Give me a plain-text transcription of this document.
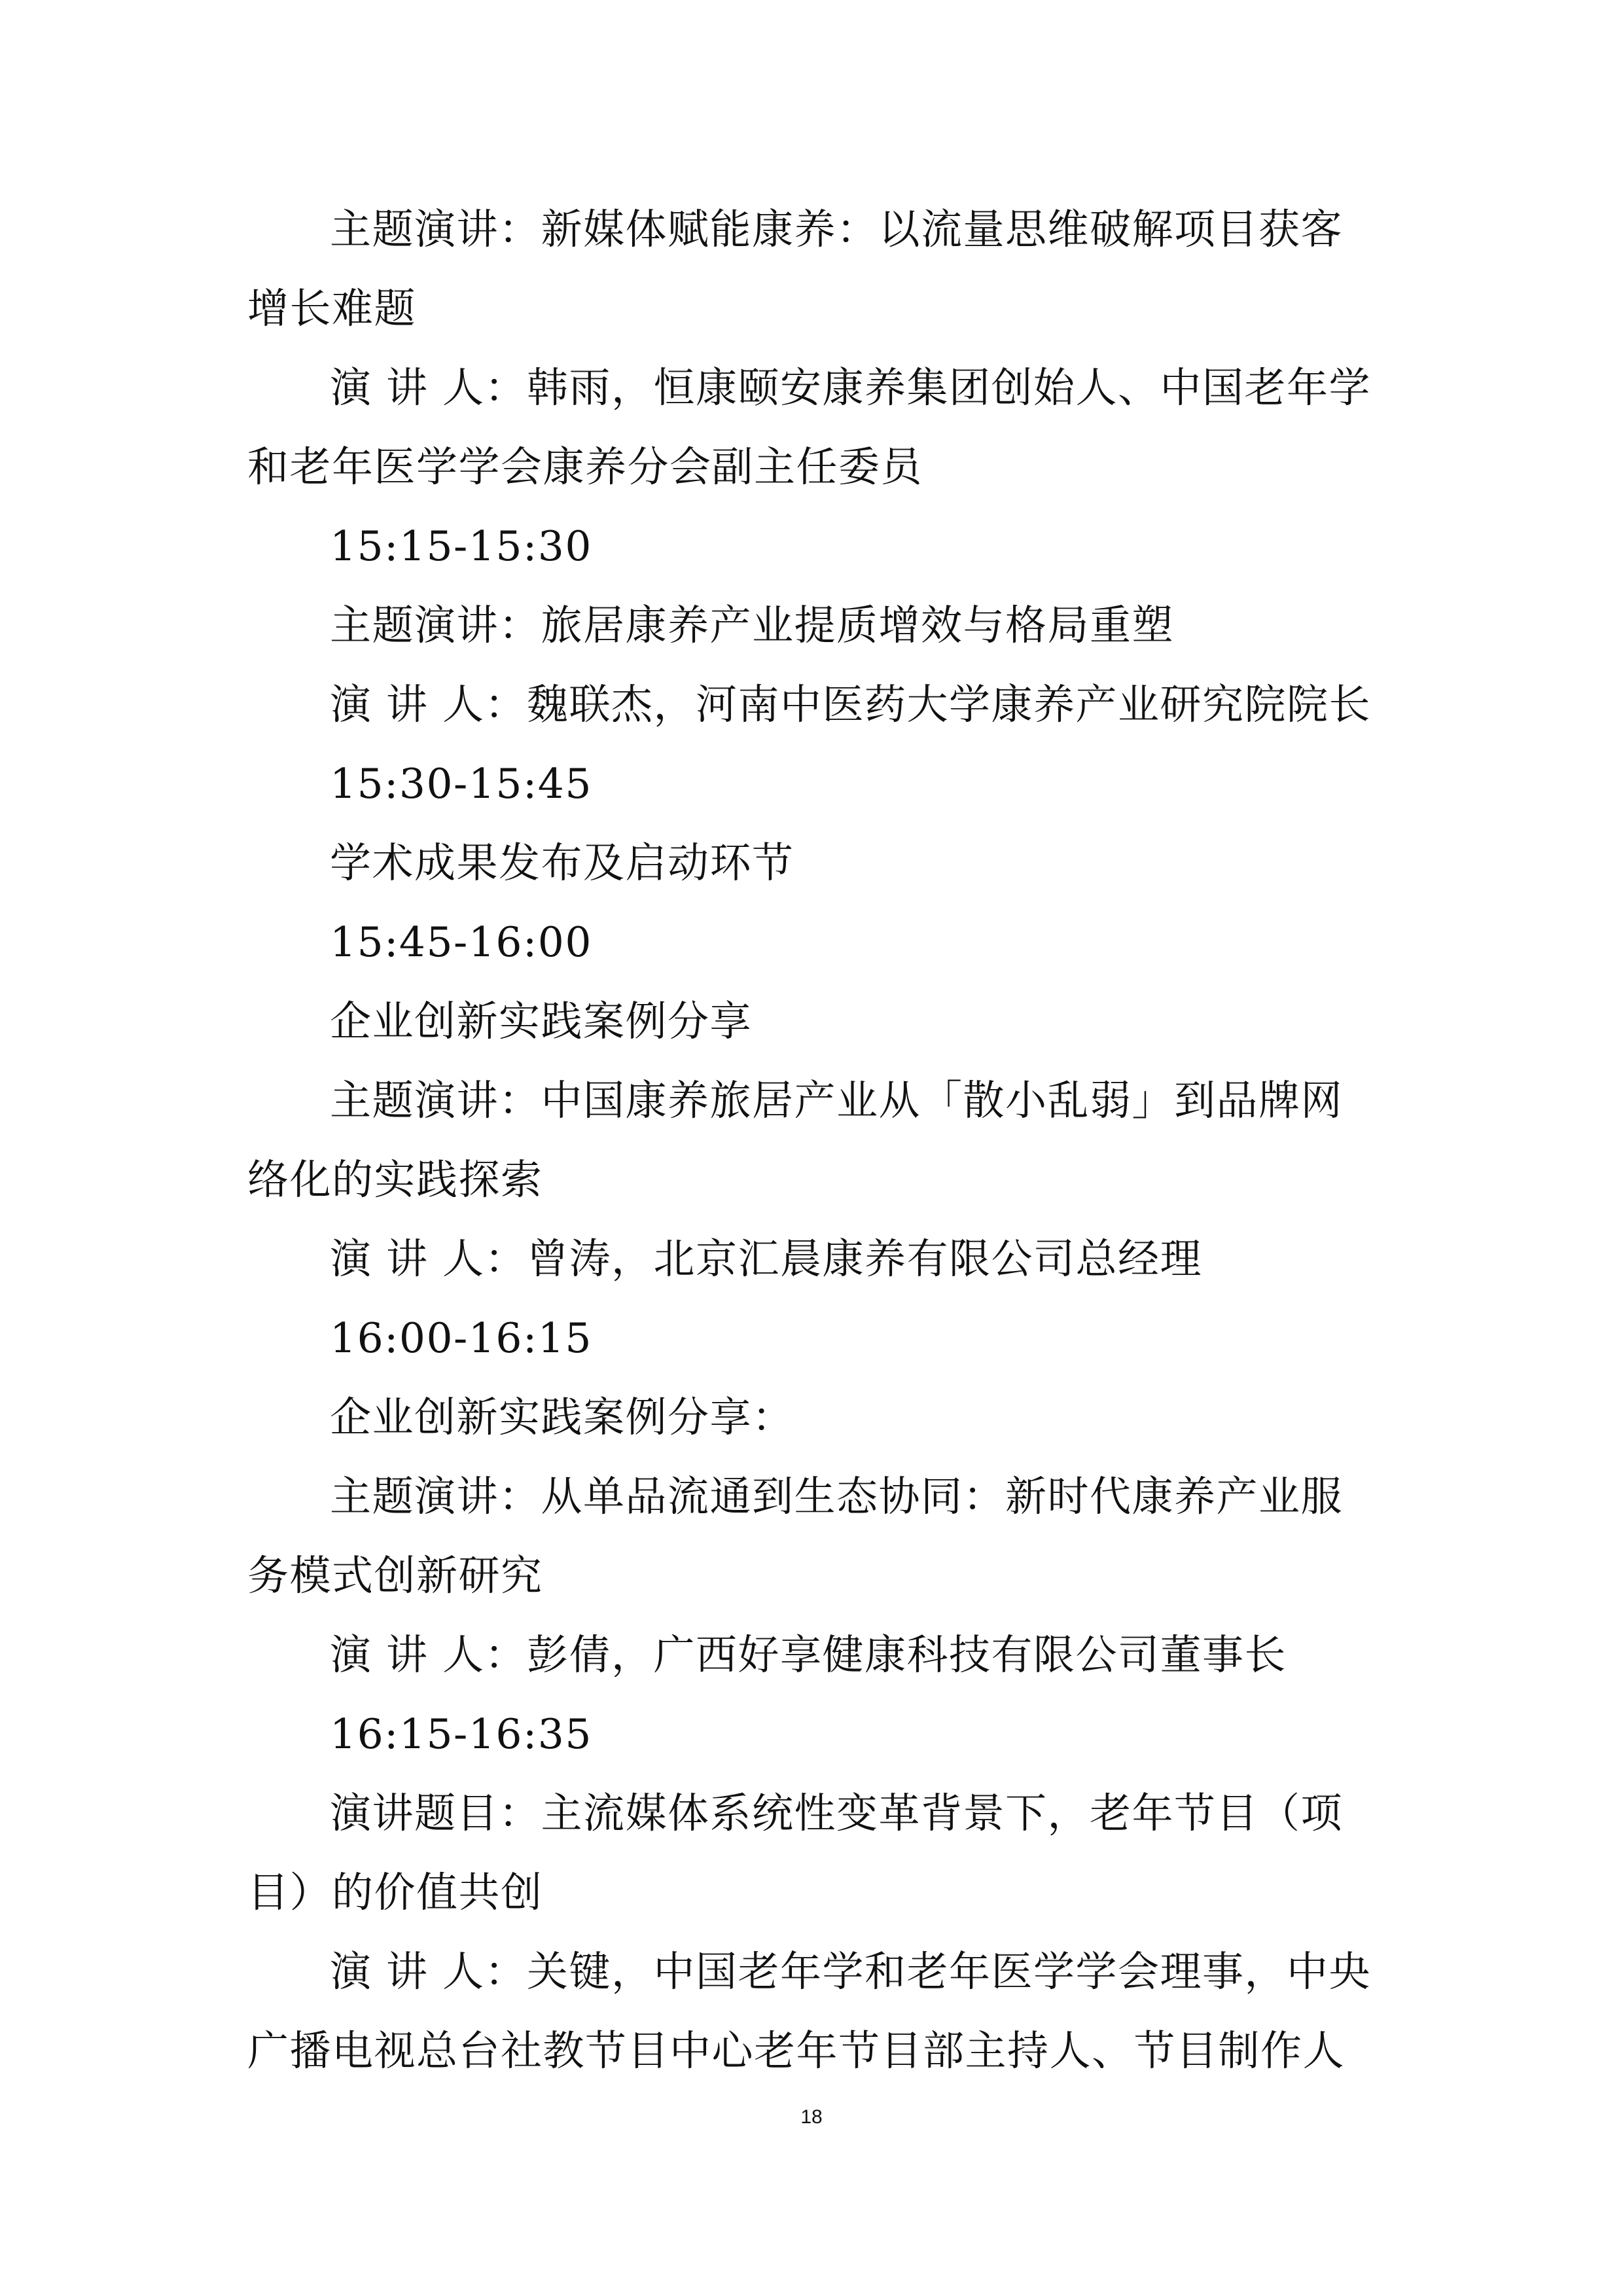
主题演讲：新媒体赋能康养：以流量思维破解项目获客增长难题

演 讲 人：韩雨，恒康颐安康养集团创始人、中国老年学和老年医学学会康养分会副主任委员

15:15-15:30

主题演讲：旅居康养产业提质增效与格局重塑

演 讲 人：魏联杰，河南中医药大学康养产业研究院院长

15:30-15:45

学术成果发布及启动环节

15:45-16:00

企业创新实践案例分享

主题演讲：中国康养旅居产业从「散小乱弱」到品牌网络化的实践探索

演 讲 人：曾涛，北京汇晨康养有限公司总经理

16:00-16:15

企业创新实践案例分享：

主题演讲：从单品流通到生态协同：新时代康养产业服务模式创新研究

演 讲 人：彭倩，广西好享健康科技有限公司董事长

16:15-16:35

演讲题目：主流媒体系统性变革背景下，老年节目（项目）的价值共创

演 讲 人：关键，中国老年学和老年医学学会理事，中央广播电视总台社教节目中心老年节目部主持人、节目制作人

18
